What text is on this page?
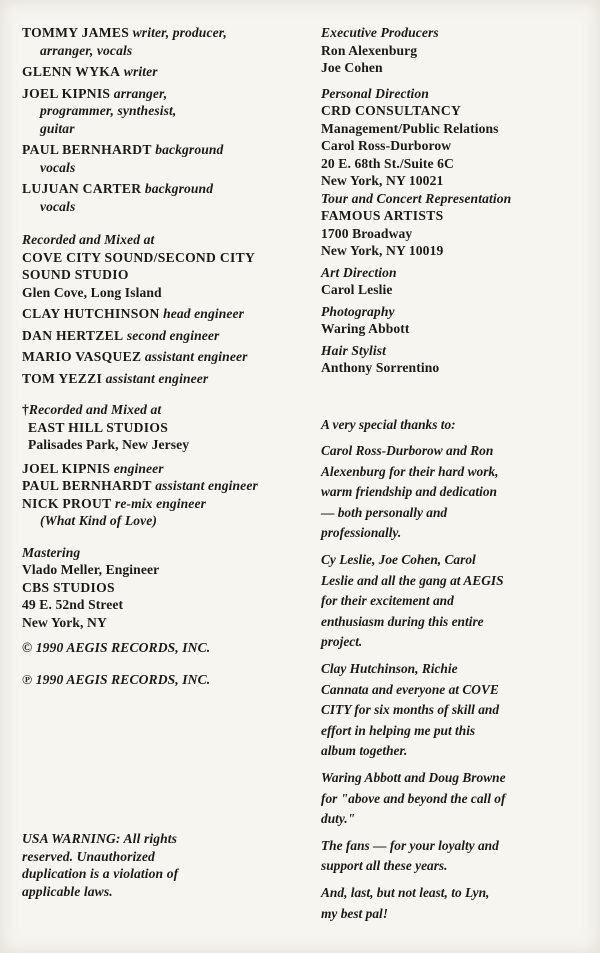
TOMMY JAMES writer, producer,
arranger, vocals
GLENN WYKA writer
JOEL KIPNIS arranger,
programmer, synthesist,
guitar
PAUL BERNHARDT background
vocals
LUJUAN CARTER background
vocals
Recorded and Mixed at
COVE CITY SOUND/SECOND CITY
SOUND STUDIO
Glen Cove, Long Island
CLAY HUTCHINSON head engineer
DAN HERTZEL second engineer
MARIO VASQUEZ assistant engineer
TOM YEZZI assistant engineer
†Recorded and Mixed at
EAST HILL STUDIOS
Palisades Park, New Jersey
JOEL KIPNIS engineer
PAUL BERNHARDT assistant engineer
NICK PROUT re-mix engineer
(What Kind of Love)
Mastering
Vlado Meller, Engineer
CBS STUDIOS
49 E. 52nd Street
New York, NY
© 1990 AEGIS RECORDS, INC.
℗ 1990 AEGIS RECORDS, INC.
USA WARNING: All rights
reserved. Unauthorized
duplication is a violation of
applicable laws.
Executive Producers
Ron Alexenburg
Joe Cohen
Personal Direction
CRD CONSULTANCY
Management/Public Relations
Carol Ross-Durborow
20 E. 68th St./Suite 6C
New York, NY 10021
Tour and Concert Representation
FAMOUS ARTISTS
1700 Broadway
New York, NY 10019
Art Direction
Carol Leslie
Photography
Waring Abbott
Hair Stylist
Anthony Sorrentino
A very special thanks to:
Carol Ross-Durborow and Ron
Alexenburg for their hard work,
warm friendship and dedication
— both personally and
professionally.
Cy Leslie, Joe Cohen, Carol
Leslie and all the gang at AEGIS
for their excitement and
enthusiasm during this entire
project.
Clay Hutchinson, Richie
Cannata and everyone at COVE
CITY for six months of skill and
effort in helping me put this
album together.
Waring Abbott and Doug Browne
for "above and beyond the call of
duty."
The fans — for your loyalty and
support all these years.
And, last, but not least, to Lyn,
my best pal!
